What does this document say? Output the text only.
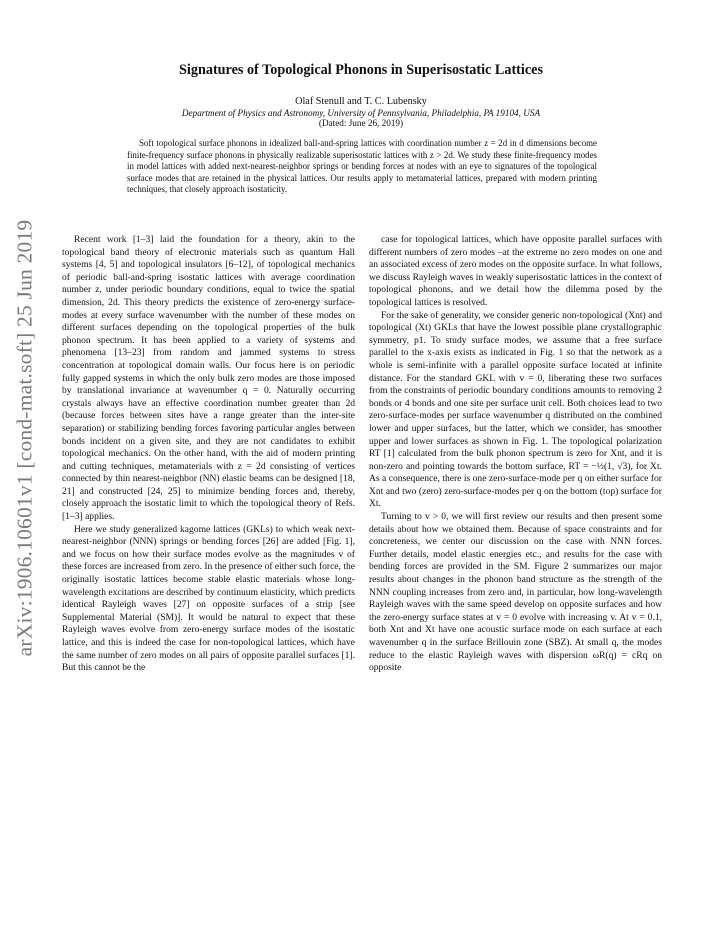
arXiv:1906.10601v1 [cond-mat.soft] 25 Jun 2019
Signatures of Topological Phonons in Superisostatic Lattices
Olaf Stenull and T. C. Lubensky
Department of Physics and Astronomy, University of Pennsylvania, Philadelphia, PA 19104, USA
(Dated: June 26, 2019)
Soft topological surface phonons in idealized ball-and-spring lattices with coordination number z = 2d in d dimensions become finite-frequency surface phonons in physically realizable superisostatic lattices with z > 2d. We study these finite-frequency modes in model lattices with added next-nearest-neighbor springs or bending forces at nodes with an eye to signatures of the topological surface modes that are retained in the physical lattices. Our results apply to metamaterial lattices, prepared with modern printing techniques, that closely approach isostaticity.

Recent work [1–3] laid the foundation for a theory, akin to the topological band theory of electronic materials such as quantum Hall systems [4, 5] and topological insulators [6–12], of topological mechanics of periodic ball-and-spring isostatic lattices with average coordination number z, under periodic boundary conditions, equal to twice the spatial dimension, 2d. This theory predicts the existence of zero-energy surface-modes at every surface wavenumber with the number of these modes on different surfaces depending on the topological properties of the bulk phonon spectrum. It has been applied to a variety of systems and phenomena [13–23] from random and jammed systems to stress concentration at topological domain walls. Our focus here is on periodic fully gapped systems in which the only bulk zero modes are those imposed by translational invariance at wavenumber q = 0. Naturally occurring crystals always have an effective coordination number greater than 2d (because forces between sites have a range greater than the inter-site separation) or stabilizing bending forces favoring particular angles between bonds incident on a given site, and they are not candidates to exhibit topological mechanics. On the other hand, with the aid of modern printing and cutting techniques, metamaterials with z = 2d consisting of vertices connected by thin nearest-neighbor (NN) elastic beams can be designed [18, 21] and constructed [24, 25] to minimize bending forces and, thereby, closely approach the isostatic limit to which the topological theory of Refs. [1–3] applies.

Here we study generalized kagome lattices (GKLs) to which weak next-nearest-neighbor (NNN) springs or bending forces [26] are added [Fig. 1], and we focus on how their surface modes evolve as the magnitudes v of these forces are increased from zero. In the presence of either such force, the originally isostatic lattices become stable elastic materials whose long-wavelength excitations are described by continuum elasticity, which predicts identical Rayleigh waves [27] on opposite surfaces of a strip [see Supplemental Material (SM)]. It would be natural to expect that these Rayleigh waves evolve from zero-energy surface modes of the isostatic lattice, and this is indeed the case for non-topological lattices, which have the same number of zero modes on all pairs of opposite parallel surfaces [1]. But this cannot be the

case for topological lattices, which have opposite parallel surfaces with different numbers of zero modes –at the extreme no zero modes on one and an associated excess of zero modes on the opposite surface. In what follows, we discuss Rayleigh waves in weakly superisostatic lattices in the context of topological phonons, and we detail how the dilemma posed by the topological lattices is resolved.

For the sake of generality, we consider generic non-topological (Xnt) and topological (Xt) GKLs that have the lowest possible plane crystallographic symmetry, p1. To study surface modes, we assume that a free surface parallel to the x-axis exists as indicated in Fig. 1 so that the network as a whole is semi-infinite with a parallel opposite surface located at infinite distance. For the standard GKL with v = 0, liberating these two surfaces from the constraints of periodic boundary conditions amounts to removing 2 bonds or 4 bonds and one site per surface unit cell. Both choices lead to two zero-surface-modes per surface wavenumber q distributed on the combined lower and upper surfaces, but the latter, which we consider, has smoother upper and lower surfaces as shown in Fig. 1. The topological polarization RT [1] calculated from the bulk phonon spectrum is zero for Xnt, and it is non-zero and pointing towards the bottom surface, RT = −½(1, √3), for Xt. As a consequence, there is one zero-surface-mode per q on either surface for Xnt and two (zero) zero-surface-modes per q on the bottom (top) surface for Xt.

Turning to v > 0, we will first review our results and then present some details about how we obtained them. Because of space constraints and for concreteness, we center our discussion on the case with NNN forces. Further details, model elastic energies etc., and results for the case with bending forces are provided in the SM. Figure 2 summarizes our major results about changes in the phonon band structure as the strength of the NNN coupling increases from zero and, in particular, how long-wavelength Rayleigh waves with the same speed develop on opposite surfaces and how the zero-energy surface states at v = 0 evolve with increasing v. At v = 0.1, both Xnt and Xt have one acoustic surface mode on each surface at each wavenumber q in the surface Brillouin zone (SBZ). At small q, the modes reduce to the elastic Rayleigh waves with dispersion ωR(q) = cRq on opposite
